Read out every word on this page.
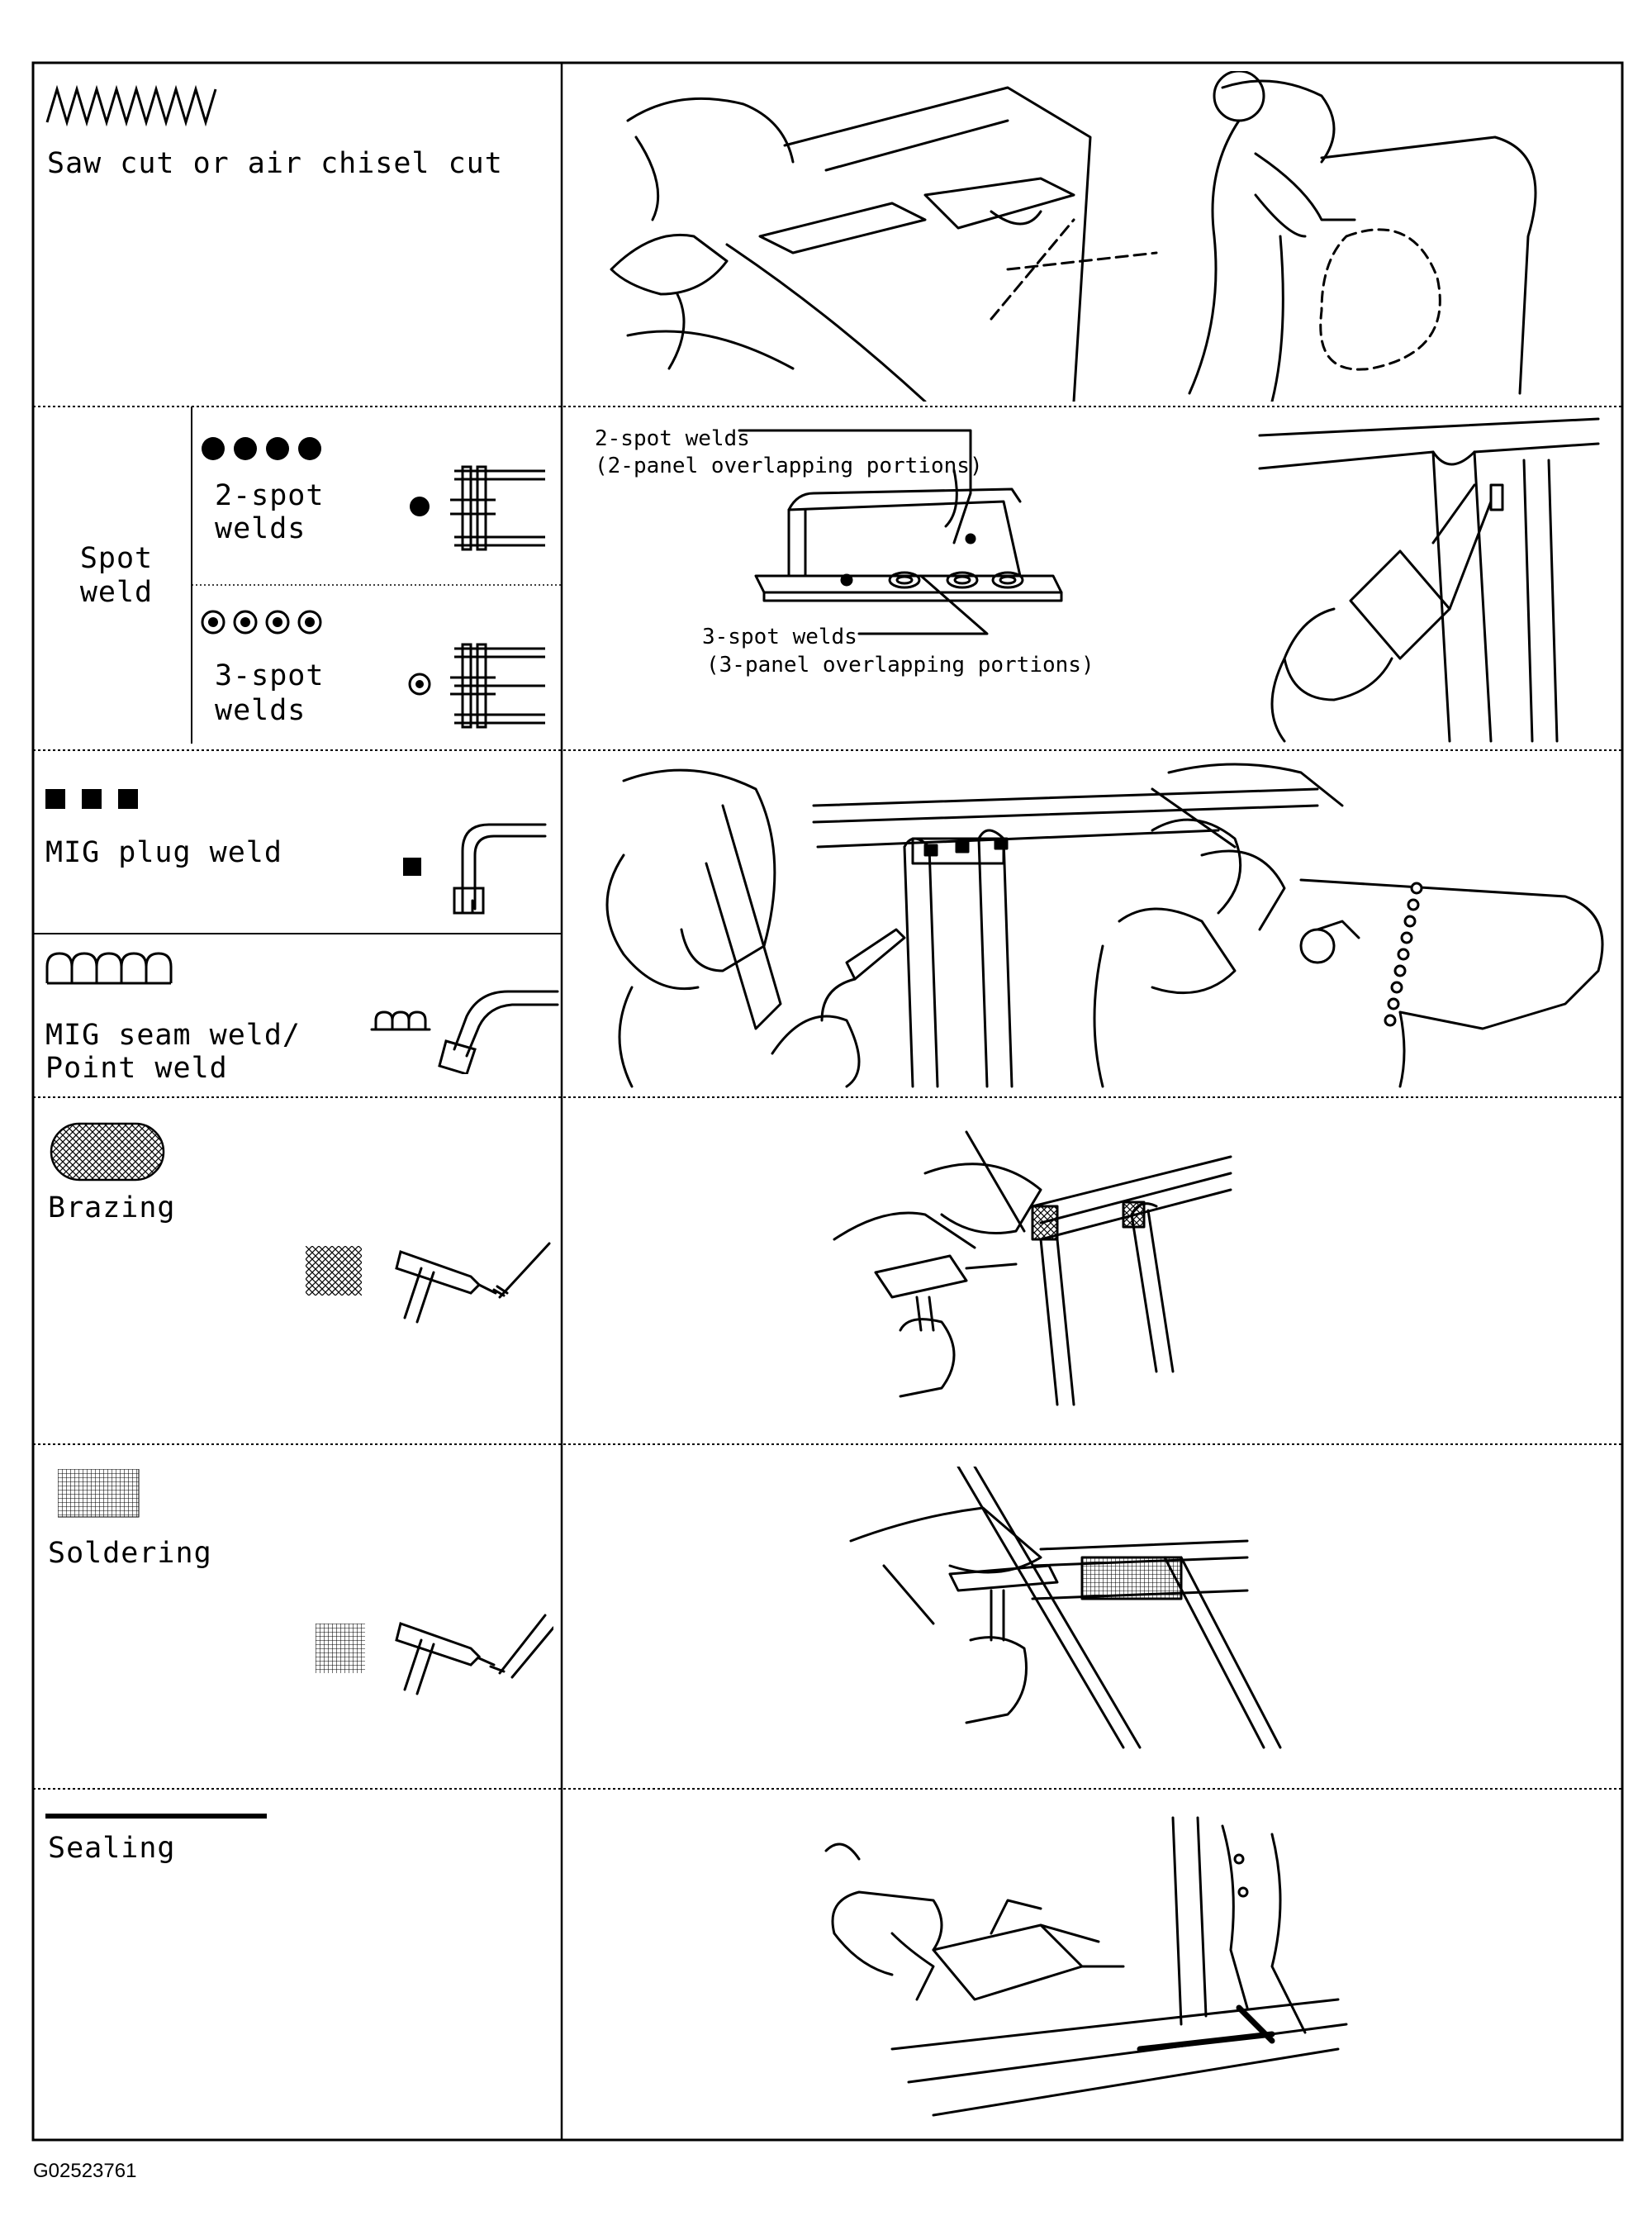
Saw cut or air chisel cut
Spot
weld
2-spot
welds
3-spot
welds
2-spot welds
(2-panel overlapping portions)
3-spot welds
(3-panel overlapping portions)
MIG plug weld
MIG seam weld/
Point weld
Brazing
Soldering
Sealing
G02523761
